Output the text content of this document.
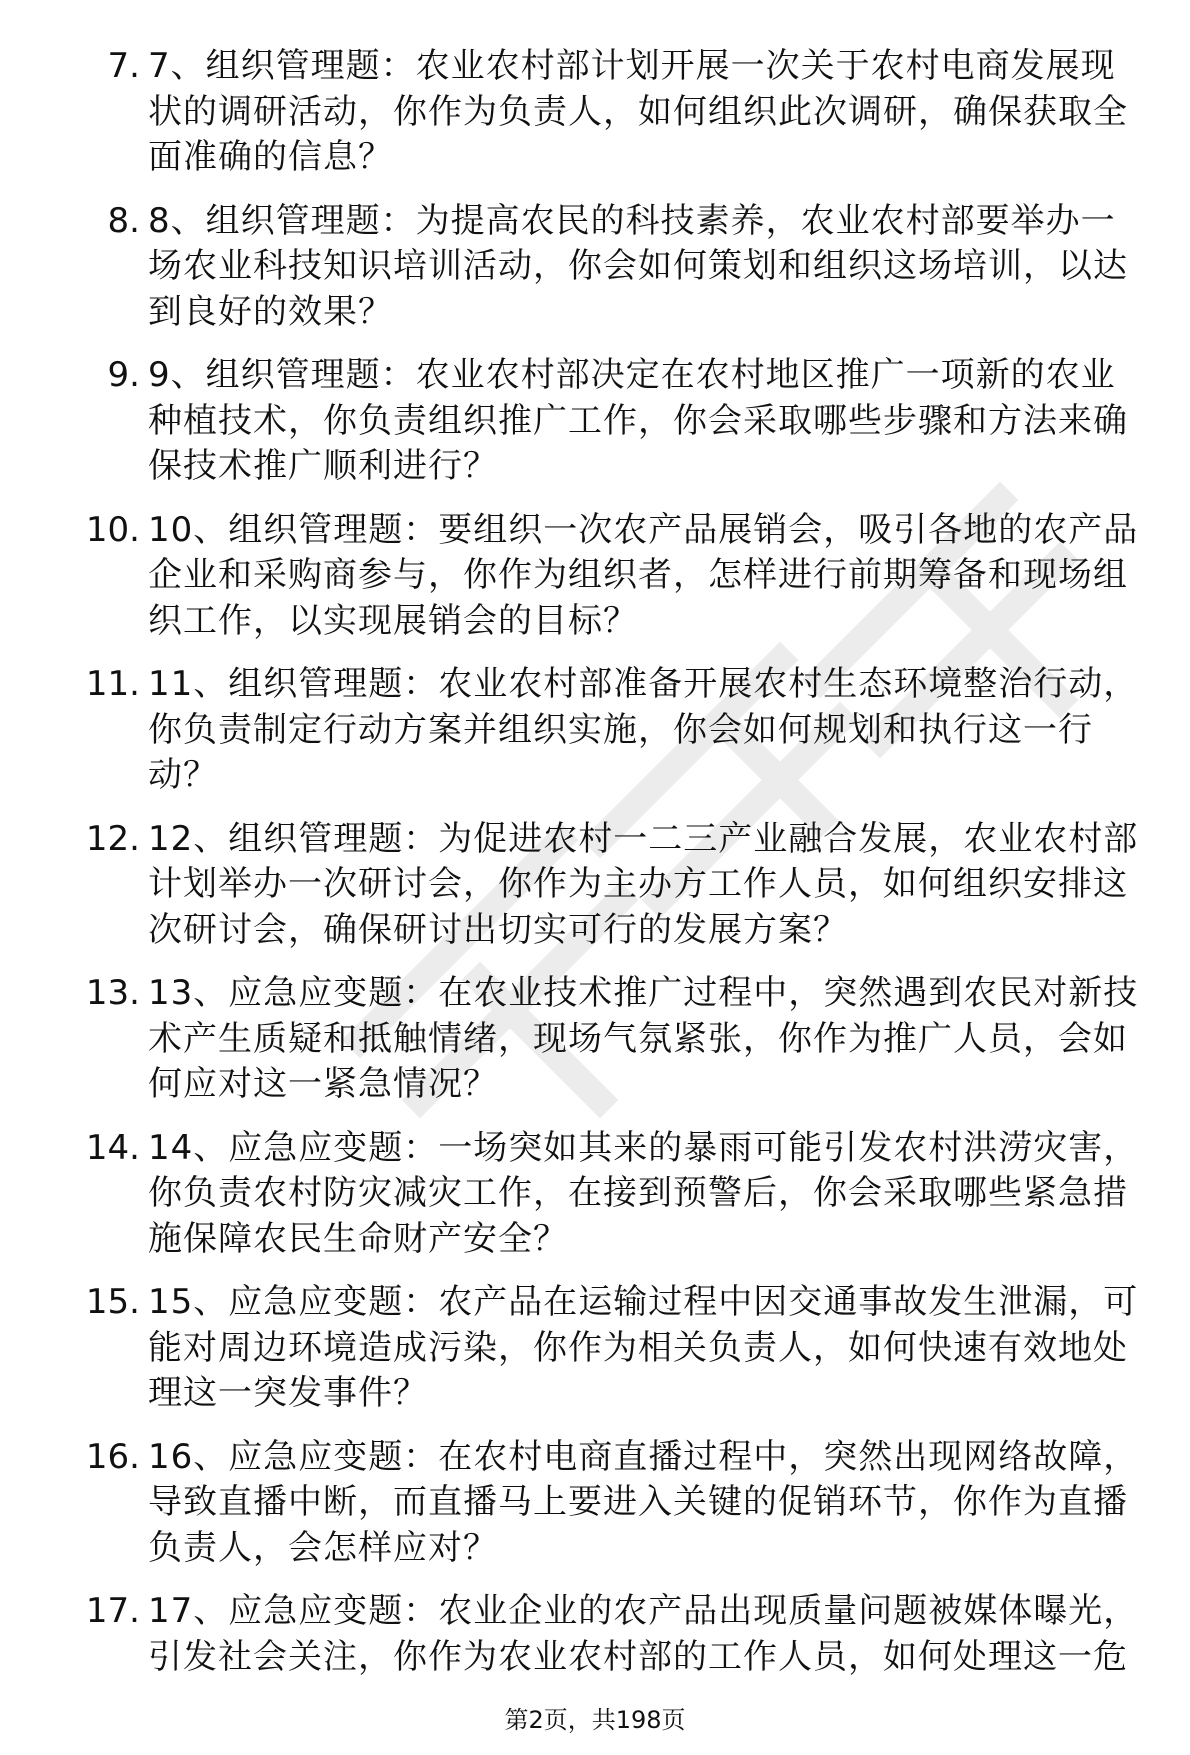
7. 7、组织管理题：农业农村部计划开展一次关于农村电商发展现状的调研活动，你作为负责人，如何组织此次调研，确保获取全面准确的信息？
8. 8、组织管理题：为提高农民的科技素养，农业农村部要举办一场农业科技知识培训活动，你会如何策划和组织这场培训，以达到良好的效果？
9. 9、组织管理题：农业农村部决定在农村地区推广一项新的农业种植技术，你负责组织推广工作，你会采取哪些步骤和方法来确保技术推广顺利进行？
10. 10、组织管理题：要组织一次农产品展销会，吸引各地的农产品企业和采购商参与，你作为组织者，怎样进行前期筹备和现场组织工作，以实现展销会的目标？
11. 11、组织管理题：农业农村部准备开展农村生态环境整治行动，你负责制定行动方案并组织实施，你会如何规划和执行这一行动？
12. 12、组织管理题：为促进农村一二三产业融合发展，农业农村部计划举办一次研讨会，你作为主办方工作人员，如何组织安排这次研讨会，确保研讨出切实可行的发展方案？
13. 13、应急应变题：在农业技术推广过程中，突然遇到农民对新技术产生质疑和抵触情绪，现场气氛紧张，你作为推广人员，会如何应对这一紧急情况？
14. 14、应急应变题：一场突如其来的暴雨可能引发农村洪涝灾害，你负责农村防灾减灾工作，在接到预警后，你会采取哪些紧急措施保障农民生命财产安全？
15. 15、应急应变题：农产品在运输过程中因交通事故发生泄漏，可能对周边环境造成污染，你作为相关负责人，如何快速有效地处理这一突发事件？
16. 16、应急应变题：在农村电商直播过程中，突然出现网络故障，导致直播中断，而直播马上要进入关键的促销环节，你作为直播负责人，会怎样应对？
17. 17、应急应变题：农业企业的农产品出现质量问题被媒体曝光，引发社会关注，你作为农业农村部的工作人员，如何处理这一危
第2页，共198页
